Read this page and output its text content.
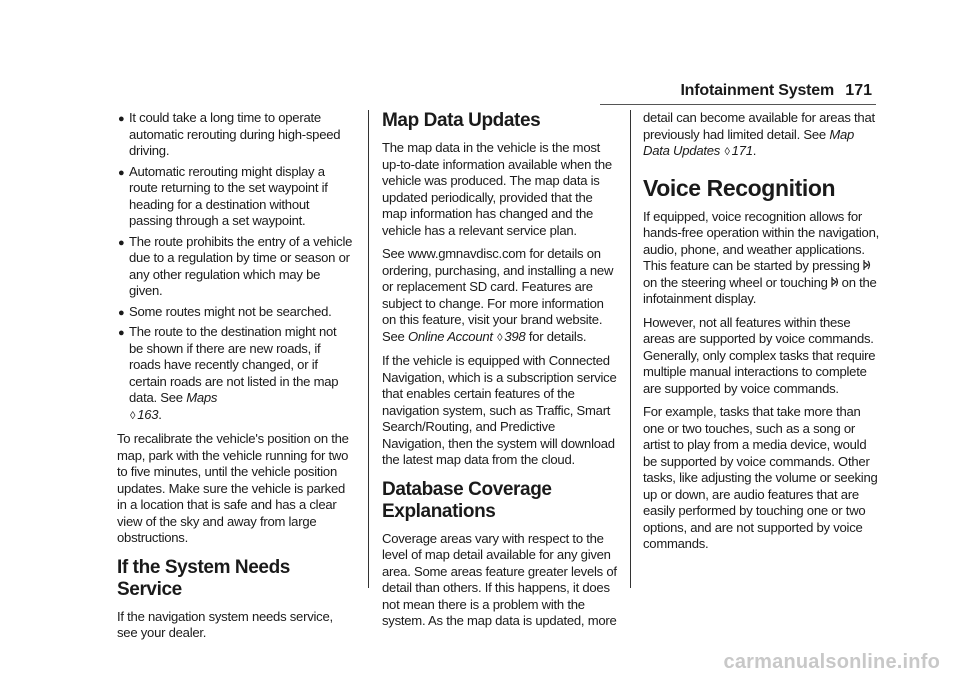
Infotainment System 171
● It could take a long time to operate automatic rerouting during high-speed driving.
● Automatic rerouting might display a route returning to the set waypoint if heading for a destination without passing through a set waypoint.
● The route prohibits the entry of a vehicle due to a regulation by time or season or any other regulation which may be given.
● Some routes might not be searched.
● The route to the destination might not be shown if there are new roads, if roads have recently changed, or if certain roads are not listed in the map data. See Maps
◊ 163.

To recalibrate the vehicle's position on the map, park with the vehicle running for two to five minutes, until the vehicle position updates. Make sure the vehicle is parked in a location that is safe and has a clear view of the sky and away from large obstructions.

If the System Needs Service

If the navigation system needs service, see your dealer.

Map Data Updates

The map data in the vehicle is the most up-to-date information available when the vehicle was produced. The map data is updated periodically, provided that the map information has changed and the vehicle has a relevant service plan.

See www.gmnavdisc.com for details on ordering, purchasing, and installing a new or replacement SD card. Features are subject to change. For more information on this feature, visit your brand website. See Online Account ◊ 398 for details.

If the vehicle is equipped with Connected Navigation, which is a subscription service that enables certain features of the navigation system, such as Traffic, Smart Search/Routing, and Predictive Navigation, then the system will download the latest map data from the cloud.

Database Coverage Explanations

Coverage areas vary with respect to the level of map detail available for any given area. Some areas feature greater levels of detail than others. If this happens, it does not mean there is a problem with the system. As the map data is updated, more

detail can become available for areas that previously had limited detail. See Map Data Updates ◊ 171.

Voice Recognition

If equipped, voice recognition allows for hands-free operation within the navigation, audio, phone, and weather applications. This feature can be started by pressingon the steering wheel or touching on the infotainment display.

However, not all features within these areas are supported by voice commands. Generally, only complex tasks that require multiple manual interactions to complete are supported by voice commands.

For example, tasks that take more than one or two touches, such as a song or artist to play from a media device, would be supported by voice commands. Other tasks, like adjusting the volume or seeking up or down, are audio features that are easily performed by touching one or two options, and are not supported by voice commands.

carmanualsonline.info
